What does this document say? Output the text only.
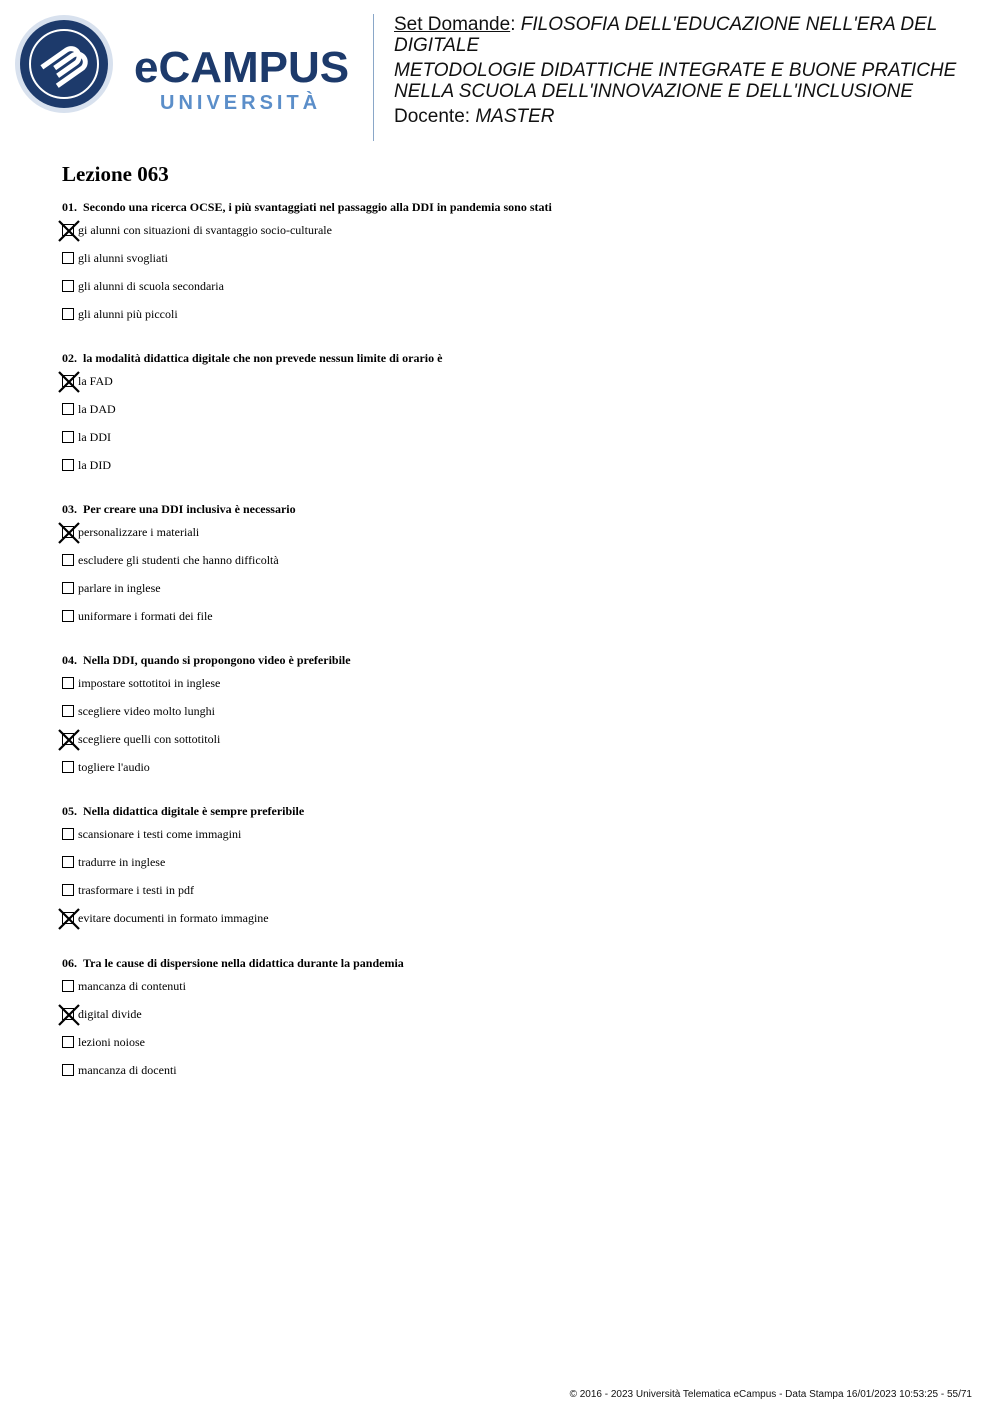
eCAMPUS
UNIVERSITÀ
Set Domande: FILOSOFIA DELL'EDUCAZIONE NELL'ERA DEL
DIGITALE
METODOLOGIE DIDATTICHE INTEGRATE E BUONE PRATICHE
NELLA SCUOLA DELL'INNOVAZIONE E DELL'INCLUSIONE
Docente: MASTER
Lezione 063
01. Secondo una ricerca OCSE, i più svantaggiati nel passaggio alla DDI in pandemia sono stati
gi alunni con situazioni di svantaggio socio-culturale
gli alunni svogliati
gli alunni di scuola secondaria
gli alunni più piccoli
02. la modalità didattica digitale che non prevede nessun limite di orario è
la FAD
la DAD
la DDI
la DID
03. Per creare una DDI inclusiva è necessario
personalizzare i materiali
escludere gli studenti che hanno difficoltà
parlare in inglese
uniformare i formati dei file
04. Nella DDI, quando si propongono video è preferibile
impostare sottotitoi in inglese
scegliere video molto lunghi
scegliere quelli con sottotitoli
togliere l'audio
05. Nella didattica digitale è sempre preferibile
scansionare i testi come immagini
tradurre in inglese
trasformare i testi in pdf
evitare documenti in formato immagine
06. Tra le cause di dispersione nella didattica durante la pandemia
mancanza di contenuti
digital divide
lezioni noiose
mancanza di docenti
© 2016 - 2023 Università Telematica eCampus - Data Stampa 16/01/2023 10:53:25 - 55/71
